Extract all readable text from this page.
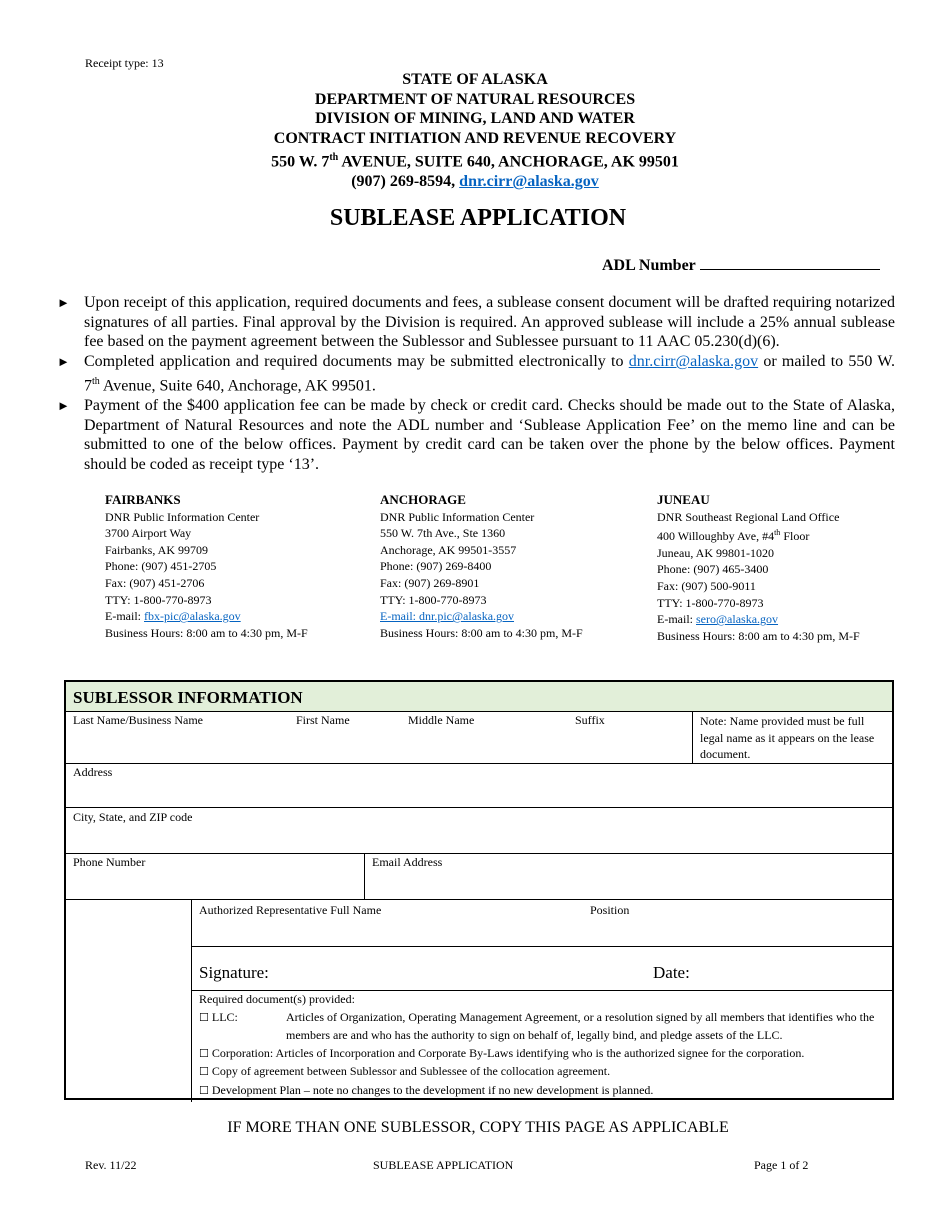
Receipt type: 13
STATE OF ALASKA
DEPARTMENT OF NATURAL RESOURCES
DIVISION OF MINING, LAND AND WATER
CONTRACT INITIATION AND REVENUE RECOVERY
550 W. 7th AVENUE, SUITE 640, ANCHORAGE, AK 99501
(907) 269-8594, dnr.cirr@alaska.gov
SUBLEASE APPLICATION
ADL Number
► Upon receipt of this application, required documents and fees, a sublease consent document will be drafted requiring notarized signatures of all parties. Final approval by the Division is required. An approved sublease will include a 25% annual sublease fee based on the payment agreement between the Sublessor and Sublessee pursuant to 11 AAC 05.230(d)(6).
► Completed application and required documents may be submitted electronically to dnr.cirr@alaska.gov or mailed to 550 W. 7th Avenue, Suite 640, Anchorage, AK 99501.
► Payment of the $400 application fee can be made by check or credit card. Checks should be made out to the State of Alaska, Department of Natural Resources and note the ADL number and ‘Sublease Application Fee’ on the memo line and can be submitted to one of the below offices. Payment by credit card can be taken over the phone by the below offices. Payment should be coded as receipt type ‘13’.
FAIRBANKS
DNR Public Information Center
3700 Airport Way
Fairbanks, AK 99709
Phone: (907) 451-2705
Fax: (907) 451-2706
TTY: 1-800-770-8973
E-mail: fbx-pic@alaska.gov
Business Hours: 8:00 am to 4:30 pm, M-F
ANCHORAGE
DNR Public Information Center
550 W. 7th Ave., Ste 1360
Anchorage, AK 99501-3557
Phone: (907) 269-8400
Fax: (907) 269-8901
TTY: 1-800-770-8973
E-mail: dnr.pic@alaska.gov
Business Hours: 8:00 am to 4:30 pm, M-F
JUNEAU
DNR Southeast Regional Land Office
400 Willoughby Ave, #4th Floor
Juneau, AK 99801-1020
Phone: (907) 465-3400
Fax: (907) 500-9011
TTY: 1-800-770-8973
E-mail: sero@alaska.gov
Business Hours: 8:00 am to 4:30 pm, M-F
SUBLESSOR INFORMATION
Last Name/Business Name	First Name	Middle Name	Suffix	Note: Name provided must be full legal name as it appears on the lease document.
Address
City, State, and ZIP code
Phone Number	Email Address
Authorized Representative Full Name	Position
Signature:	Date:
Required document(s) provided:
☐ LLC:	Articles of Organization, Operating Management Agreement, or a resolution signed by all members that identifies who the members are and who has the authority to sign on behalf of, legally bind, and pledge assets of the LLC.
☐ Corporation: Articles of Incorporation and Corporate By-Laws identifying who is the authorized signee for the corporation.
☐ Copy of agreement between Sublessor and Sublessee of the collocation agreement.
☐ Development Plan – note no changes to the development if no new development is planned.
IF MORE THAN ONE SUBLESSOR, COPY THIS PAGE AS APPLICABLE
Rev. 11/22	SUBLEASE APPLICATION	Page 1 of 2
